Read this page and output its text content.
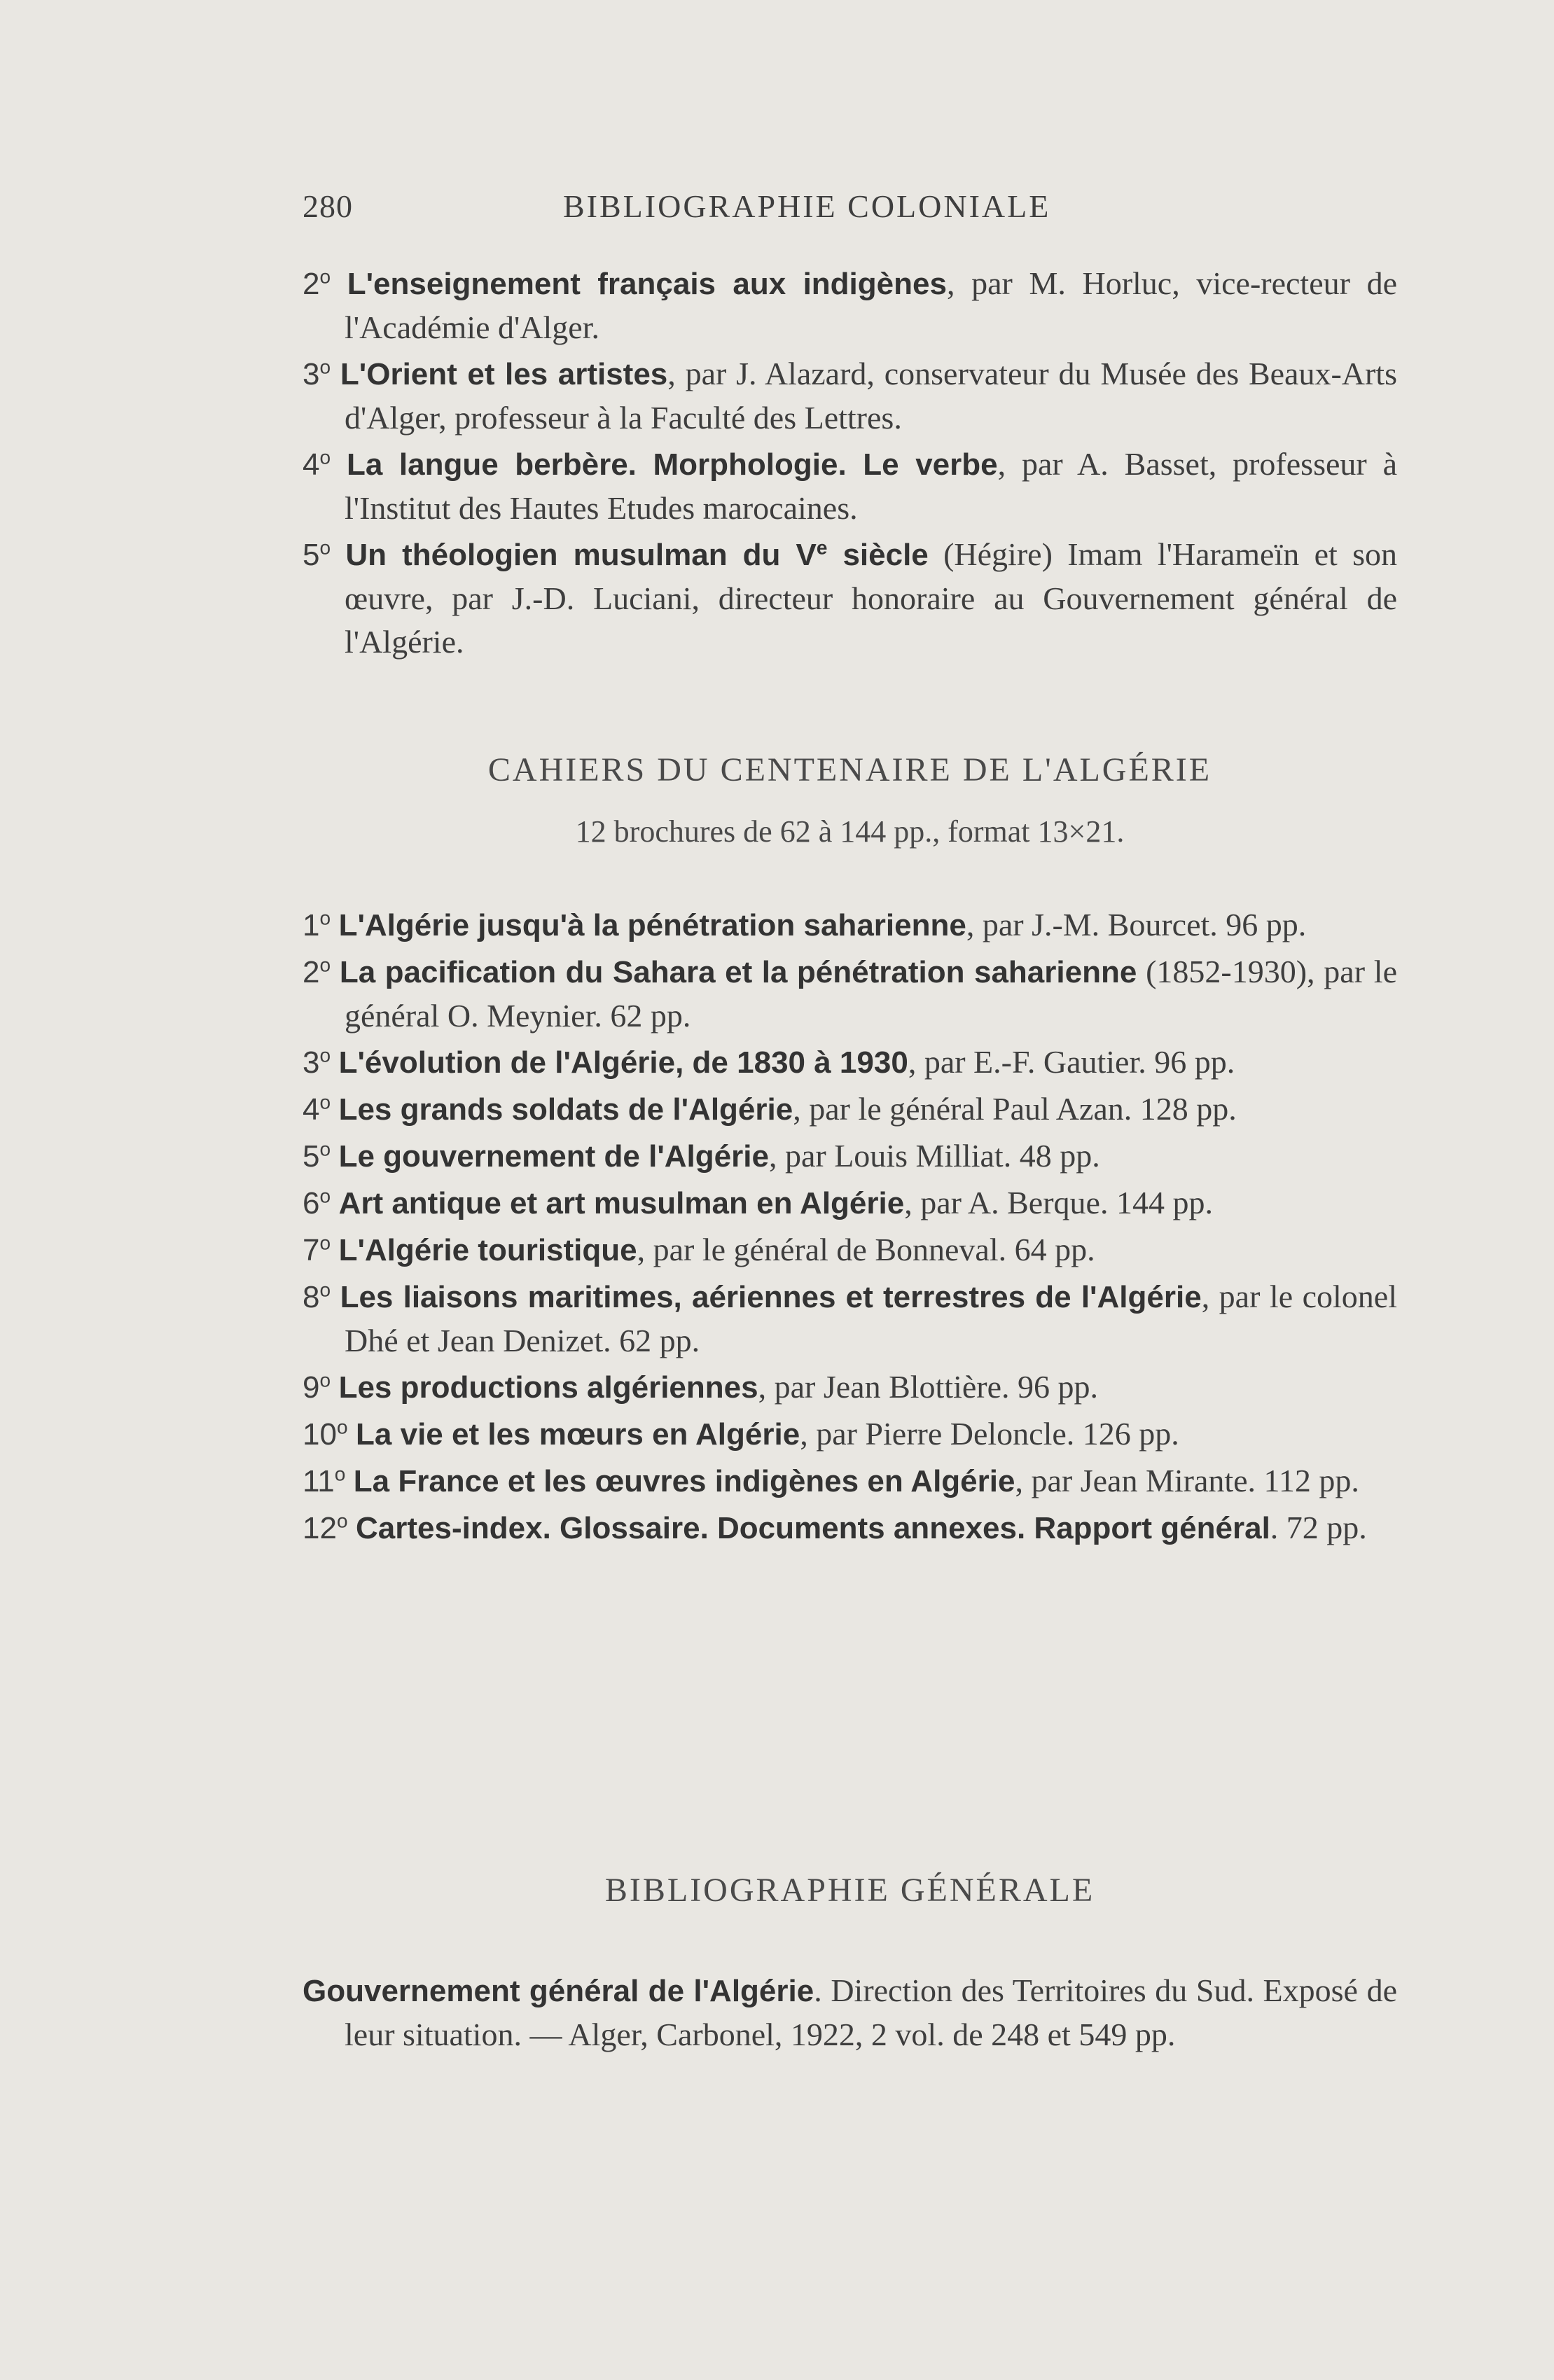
280	BIBLIOGRAPHIE COLONIALE

2$^o$ L'enseignement français aux indigènes, par M. Horluc, vice-recteur de l'Académie d'Alger.

3$^o$ L'Orient et les artistes, par J. Alazard, conservateur du Musée des Beaux-Arts d'Alger, professeur à la Faculté des Lettres.

4$^o$ La langue berbère. Morphologie. Le verbe, par A. Basset, professeur à l'Institut des Hautes Etudes marocaines.

5$^o$ Un théologien musulman du Ve siècle (Hégire) Imam l'Harameïn et son œuvre, par J.-D. Luciani, directeur honoraire au Gouvernement général de l'Algérie.

CAHIERS DU CENTENAIRE DE L'ALGÉRIE
12 brochures de 62 à 144 pp., format 13×21.

1$^o$ L'Algérie jusqu'à la pénétration saharienne, par J.-M. Bourcet. 96 pp.

2$^o$ La pacification du Sahara et la pénétration saharienne (1852-1930), par le général O. Meynier. 62 pp.

3$^o$ L'évolution de l'Algérie, de 1830 à 1930, par E.-F. Gautier. 96 pp.

4$^o$ Les grands soldats de l'Algérie, par le général Paul Azan. 128 pp.

5$^o$ Le gouvernement de l'Algérie, par Louis Milliat. 48 pp.

6$^o$ Art antique et art musulman en Algérie, par A. Berque. 144 pp.

7$^o$ L'Algérie touristique, par le général de Bonneval. 64 pp.

8$^o$ Les liaisons maritimes, aériennes et terrestres de l'Algérie, par le colonel Dhé et Jean Denizet. 62 pp.

9$^o$ Les productions algériennes, par Jean Blottière. 96 pp.

10$^o$ La vie et les mœurs en Algérie, par Pierre Deloncle. 126 pp.

11$^o$ La France et les œuvres indigènes en Algérie, par Jean Mirante. 112 pp.

12$^o$ Cartes-index. Glossaire. Documents annexes. Rapport général. 72 pp.

BIBLIOGRAPHIE GÉNÉRALE

Gouvernement général de l'Algérie. Direction des Territoires du Sud. Exposé de leur situation. — Alger, Carbonel, 1922, 2 vol. de 248 et 549 pp.
